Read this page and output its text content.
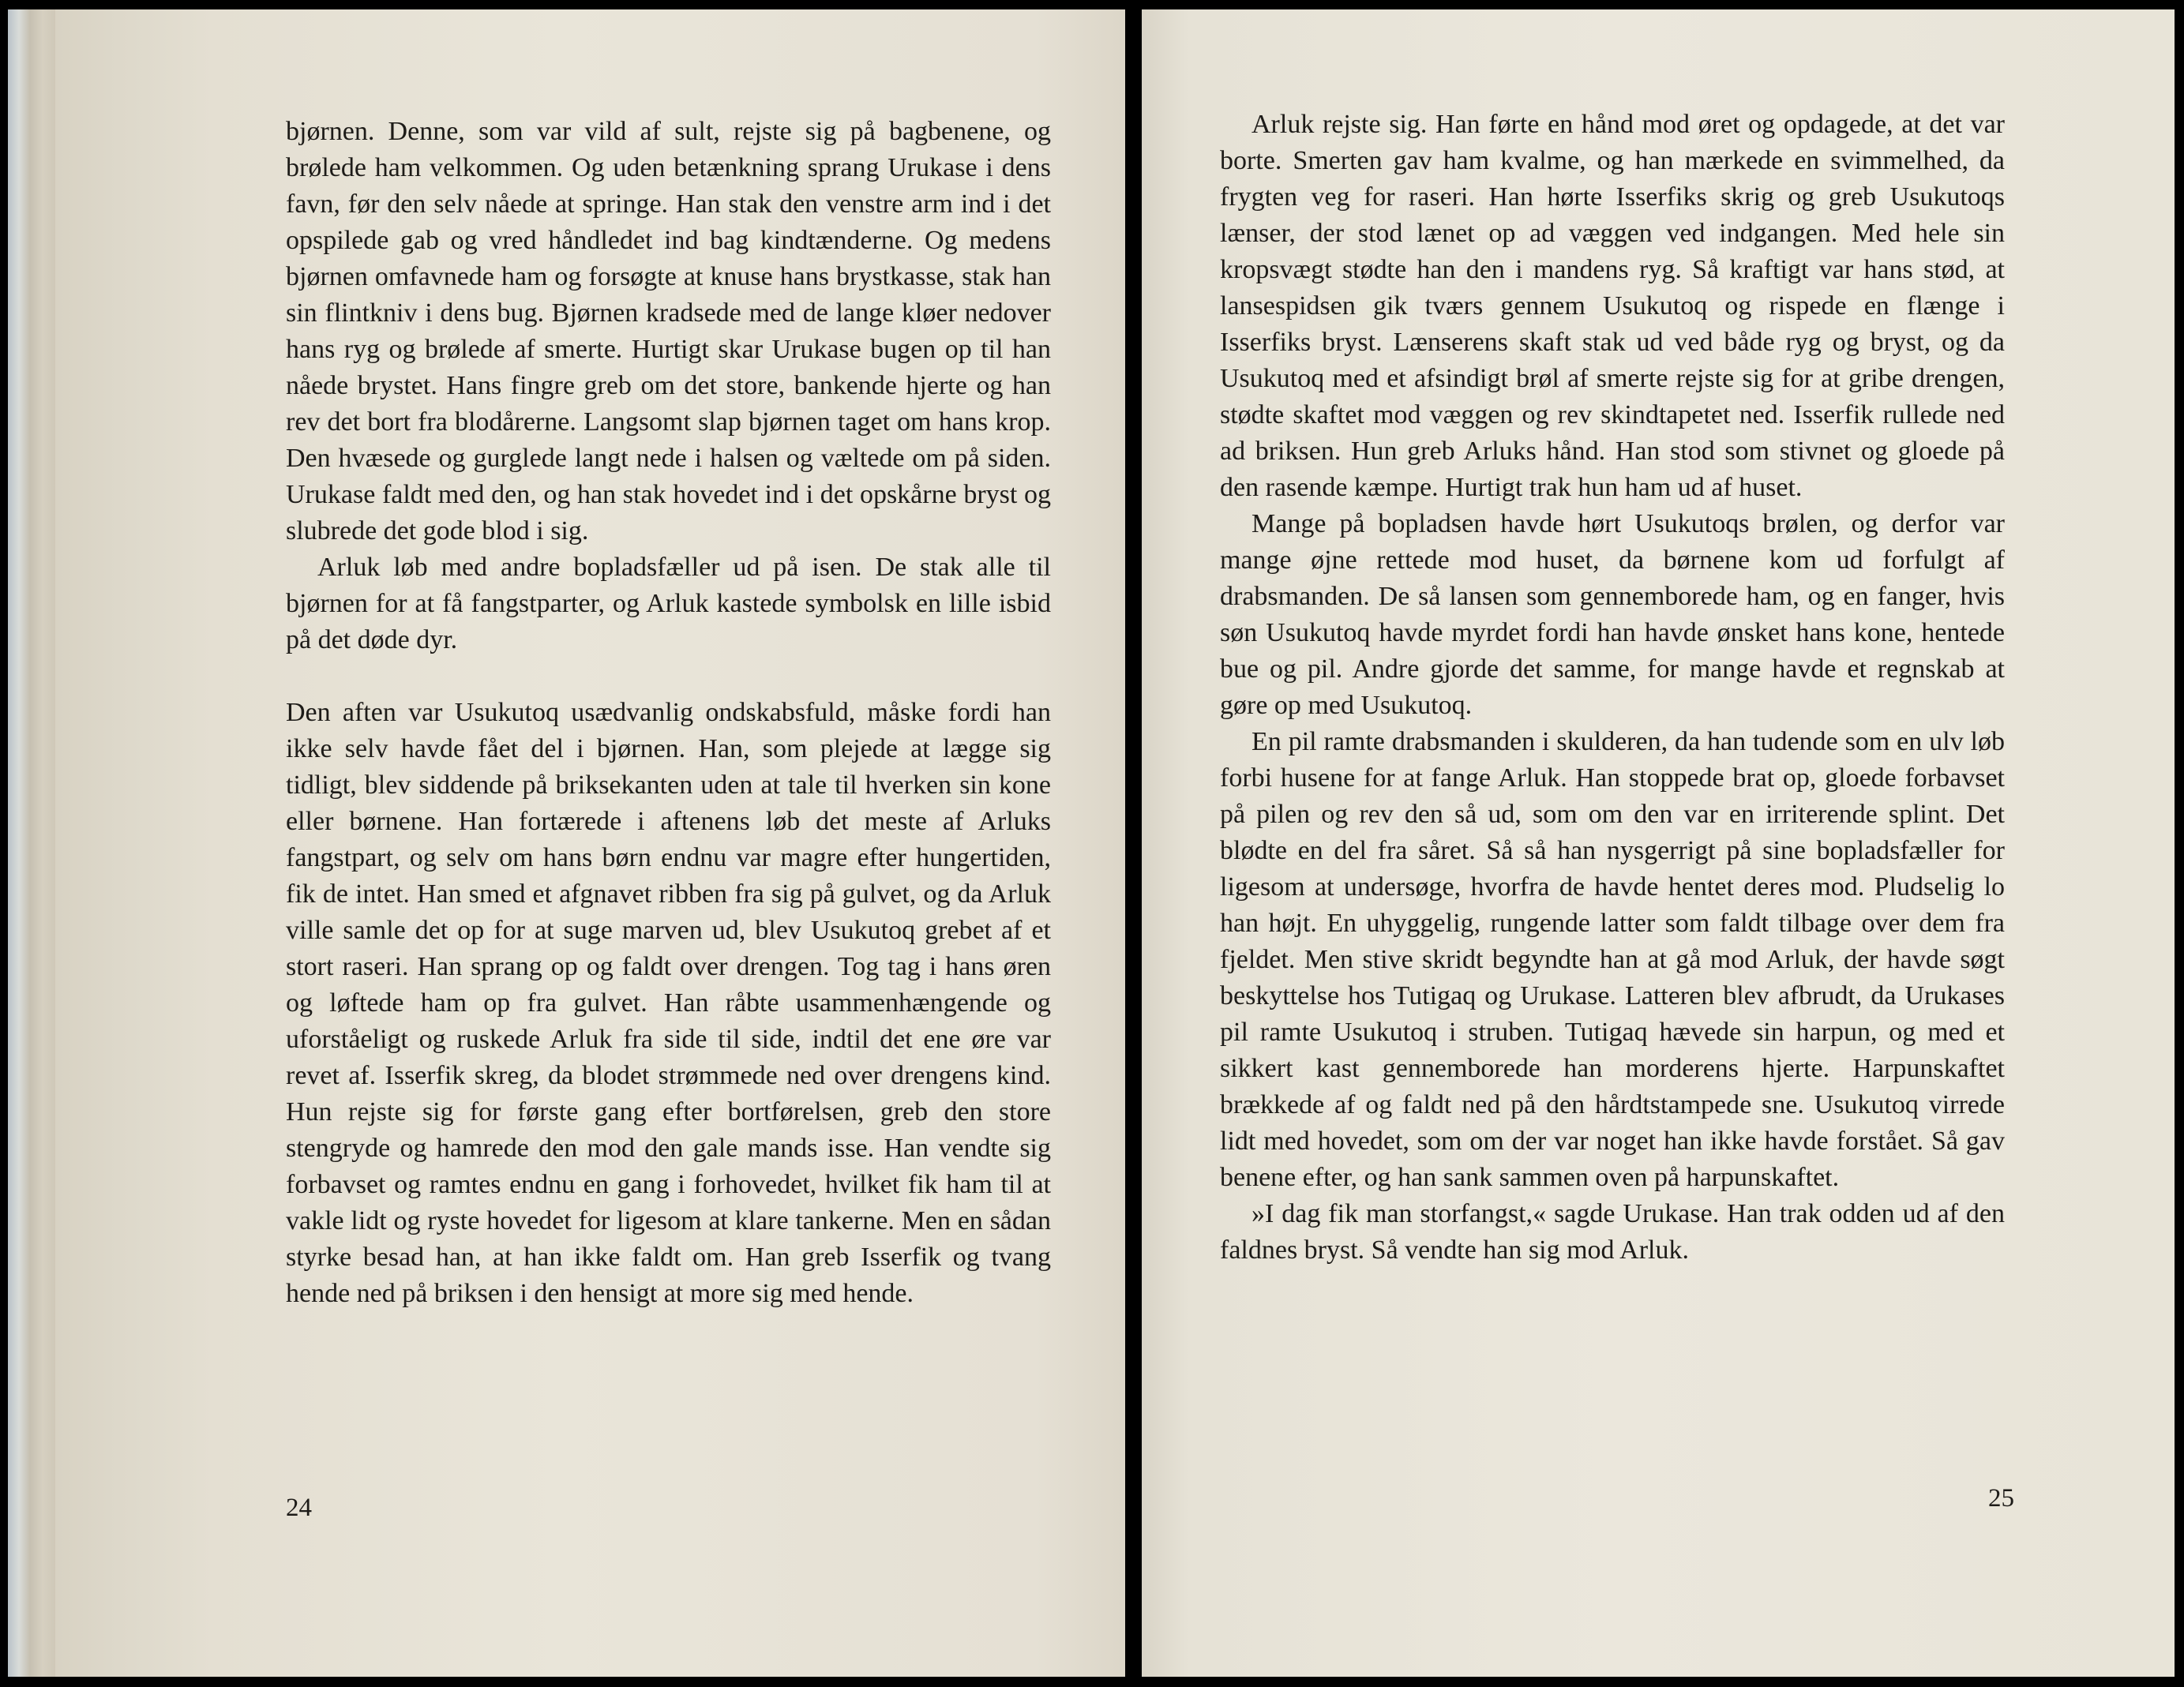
bjørnen. Denne, som var vild af sult, rejste sig på bagbenene, og brølede ham velkommen. Og uden betænkning sprang Urukase i dens favn, før den selv nåede at springe. Han stak den venstre arm ind i det opspilede gab og vred håndledet ind bag kindtænderne. Og medens bjørnen omfavnede ham og forsøgte at knuse hans brystkasse, stak han sin flintkniv i dens bug. Bjørnen kradsede med de lange kløer nedover hans ryg og brølede af smerte. Hurtigt skar Urukase bugen op til han nåede brystet. Hans fingre greb om det store, bankende hjerte og han rev det bort fra blodårerne. Langsomt slap bjørnen taget om hans krop. Den hvæsede og gurglede langt nede i halsen og væltede om på siden. Urukase faldt med den, og han stak hovedet ind i det opskårne bryst og slubrede det gode blod i sig.

Arluk løb med andre bopladsfæller ud på isen. De stak alle til bjørnen for at få fangstparter, og Arluk kastede symbolsk en lille isbid på det døde dyr.

Den aften var Usukutoq usædvanlig ondskabsfuld, måske fordi han ikke selv havde fået del i bjørnen. Han, som plejede at lægge sig tidligt, blev siddende på briksekanten uden at tale til hverken sin kone eller børnene. Han fortærede i aftenens løb det meste af Arluks fangstpart, og selv om hans børn endnu var magre efter hungertiden, fik de intet. Han smed et afgnavet ribben fra sig på gulvet, og da Arluk ville samle det op for at suge marven ud, blev Usukutoq grebet af et stort raseri. Han sprang op og faldt over drengen. Tog tag i hans øren og løftede ham op fra gulvet. Han råbte usammenhængende og uforståeligt og ruskede Arluk fra side til side, indtil det ene øre var revet af. Isserfik skreg, da blodet strømmede ned over drengens kind. Hun rejste sig for første gang efter bortførelsen, greb den store stengryde og hamrede den mod den gale mands isse. Han vendte sig forbavset og ramtes endnu en gang i forhovedet, hvilket fik ham til at vakle lidt og ryste hovedet for ligesom at klare tankerne. Men en sådan styrke besad han, at han ikke faldt om. Han greb Isserfik og tvang hende ned på briksen i den hensigt at more sig med hende.

24

Arluk rejste sig. Han førte en hånd mod øret og opdagede, at det var borte. Smerten gav ham kvalme, og han mærkede en svimmelhed, da frygten veg for raseri. Han hørte Isserfiks skrig og greb Usukutoqs lænser, der stod lænet op ad væggen ved indgangen. Med hele sin kropsvægt stødte han den i mandens ryg. Så kraftigt var hans stød, at lansespidsen gik tværs gennem Usukutoq og rispede en flænge i Isserfiks bryst. Lænserens skaft stak ud ved både ryg og bryst, og da Usukutoq med et afsindigt brøl af smerte rejste sig for at gribe drengen, stødte skaftet mod væggen og rev skindtapetet ned. Isserfik rullede ned ad briksen. Hun greb Arluks hånd. Han stod som stivnet og gloede på den rasende kæmpe. Hurtigt trak hun ham ud af huset.

Mange på bopladsen havde hørt Usukutoqs brølen, og derfor var mange øjne rettede mod huset, da børnene kom ud forfulgt af drabsmanden. De så lansen som gennemborede ham, og en fanger, hvis søn Usukutoq havde myrdet fordi han havde ønsket hans kone, hentede bue og pil. Andre gjorde det samme, for mange havde et regnskab at gøre op med Usukutoq.

En pil ramte drabsmanden i skulderen, da han tudende som en ulv løb forbi husene for at fange Arluk. Han stoppede brat op, gloede forbavset på pilen og rev den så ud, som om den var en irriterende splint. Det blødte en del fra såret. Så så han nysgerrigt på sine bopladsfæller for ligesom at undersøge, hvorfra de havde hentet deres mod. Pludselig lo han højt. En uhyggelig, rungende latter som faldt tilbage over dem fra fjeldet. Men stive skridt begyndte han at gå mod Arluk, der havde søgt beskyttelse hos Tutigaq og Urukase. Latteren blev afbrudt, da Urukases pil ramte Usukutoq i struben. Tutigaq hævede sin harpun, og med et sikkert kast gennemborede han morderens hjerte. Harpunskaftet brækkede af og faldt ned på den hårdtstampede sne. Usukutoq virrede lidt med hovedet, som om der var noget han ikke havde forstået. Så gav benene efter, og han sank sammen oven på harpunskaftet.

»I dag fik man storfangst,« sagde Urukase. Han trak odden ud af den faldnes bryst. Så vendte han sig mod Arluk.

25
